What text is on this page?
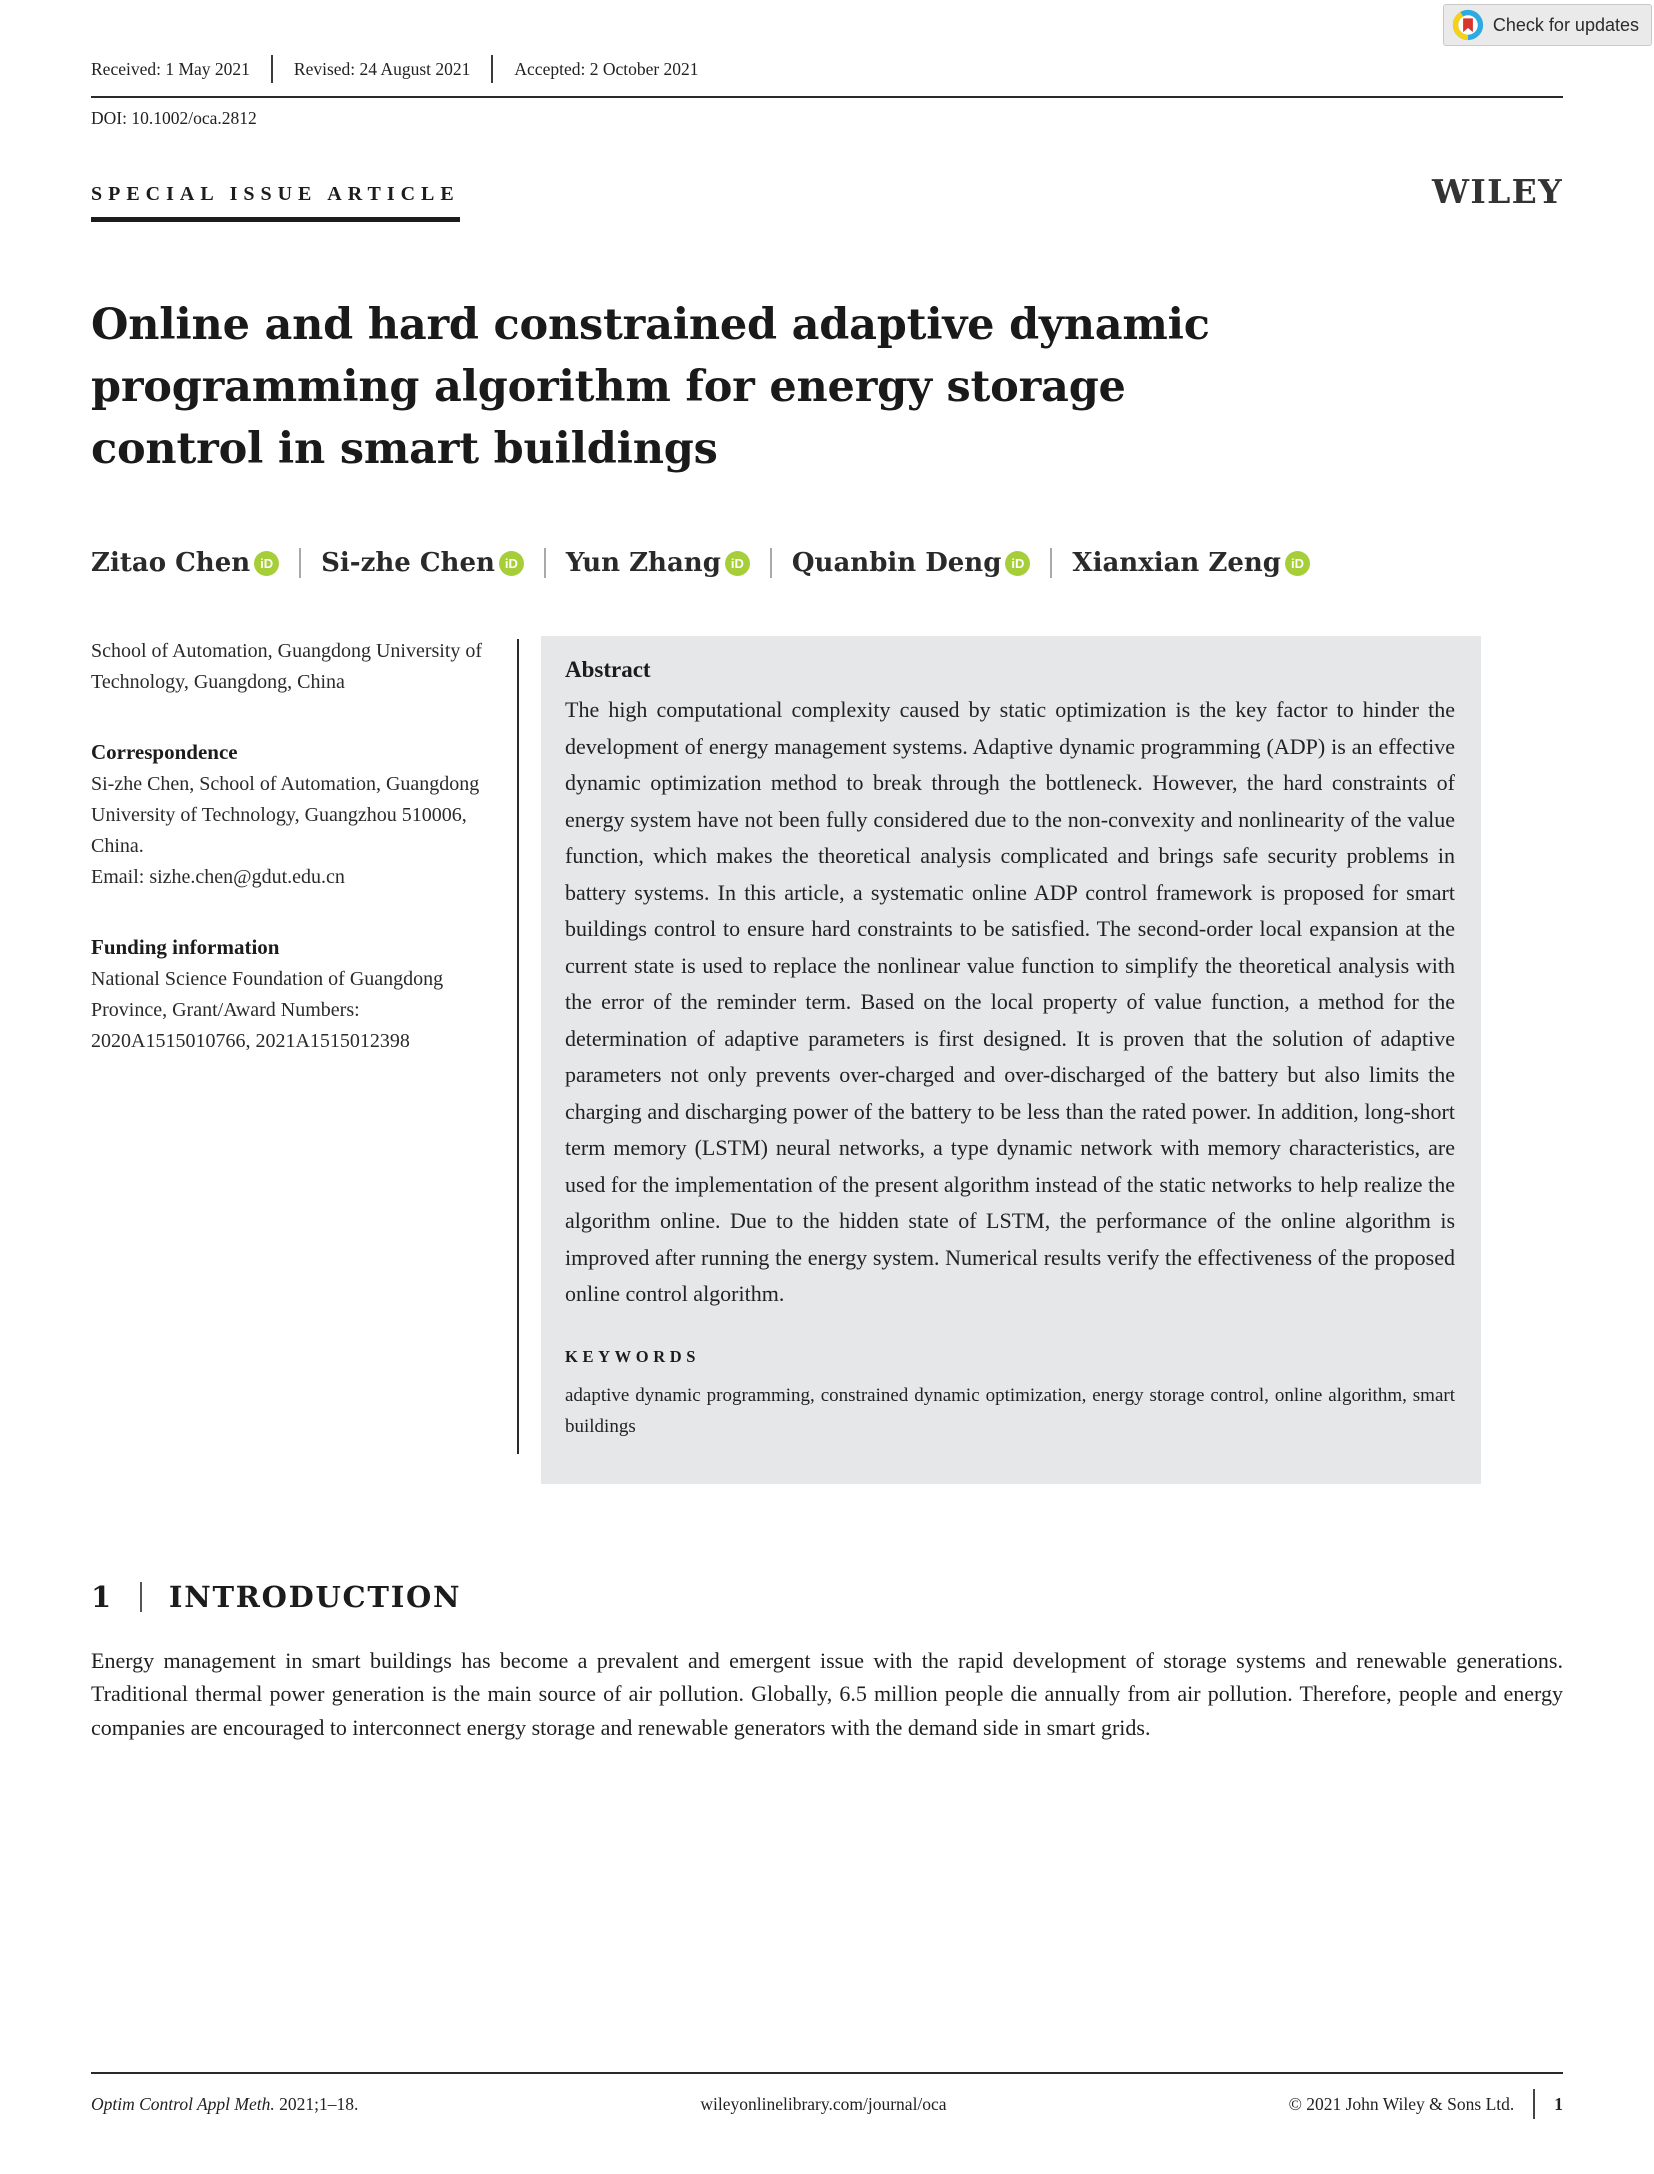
Check for updates
Received: 1 May 2021	Revised: 24 August 2021	Accepted: 2 October 2021
DOI: 10.1002/oca.2812
SPECIAL ISSUE ARTICLE	WILEY
Online and hard constrained adaptive dynamic
programming algorithm for energy storage
control in smart buildings
Zitao Chen iD Si-zhe Chen iD Yun Zhang iD Quanbin Deng iD Xianxian Zeng iD

School of Automation, Guangdong University of Technology, Guangdong, China

Correspondence

Si-zhe Chen, School of Automation, Guangdong University of Technology, Guangzhou 510006, China.

Email: sizhe.chen@gdut.edu.cn

Funding information

National Science Foundation of Guangdong Province, Grant/Award Numbers: 2020A1515010766, 2021A1515012398

Abstract

The high computational complexity caused by static optimization is the key factor to hinder the development of energy management systems. Adaptive dynamic programming (ADP) is an effective dynamic optimization method to break through the bottleneck. However, the hard constraints of energy system have not been fully considered due to the non-convexity and nonlinearity of the value function, which makes the theoretical analysis complicated and brings safe security problems in battery systems. In this article, a systematic online ADP control framework is proposed for smart buildings control to ensure hard constraints to be satisfied. The second-order local expansion at the current state is used to replace the nonlinear value function to simplify the theoretical analysis with the error of the reminder term. Based on the local property of value function, a method for the determination of adaptive parameters is first designed. It is proven that the solution of adaptive parameters not only prevents over-charged and over-discharged of the battery but also limits the charging and discharging power of the battery to be less than the rated power. In addition, long-short term memory (LSTM) neural networks, a type dynamic network with memory characteristics, are used for the implementation of the present algorithm instead of the static networks to help realize the algorithm online. Due to the hidden state of LSTM, the performance of the online algorithm is improved after running the energy system. Numerical results verify the effectiveness of the proposed online control algorithm.

KEYWORDS

adaptive dynamic programming, constrained dynamic optimization, energy storage control, online algorithm, smart buildings

1 INTRODUCTION

Energy management in smart buildings has become a prevalent and emergent issue with the rapid development of storage systems and renewable generations. Traditional thermal power generation is the main source of air pollution. Globally, 6.5 million people die annually from air pollution. Therefore, people and energy companies are encouraged to interconnect energy storage and renewable generators with the demand side in smart grids.

Optim Control Appl Meth. 2021;1–18.	wileyonlinelibrary.com/journal/oca	© 2021 John Wiley & Sons Ltd. 1
